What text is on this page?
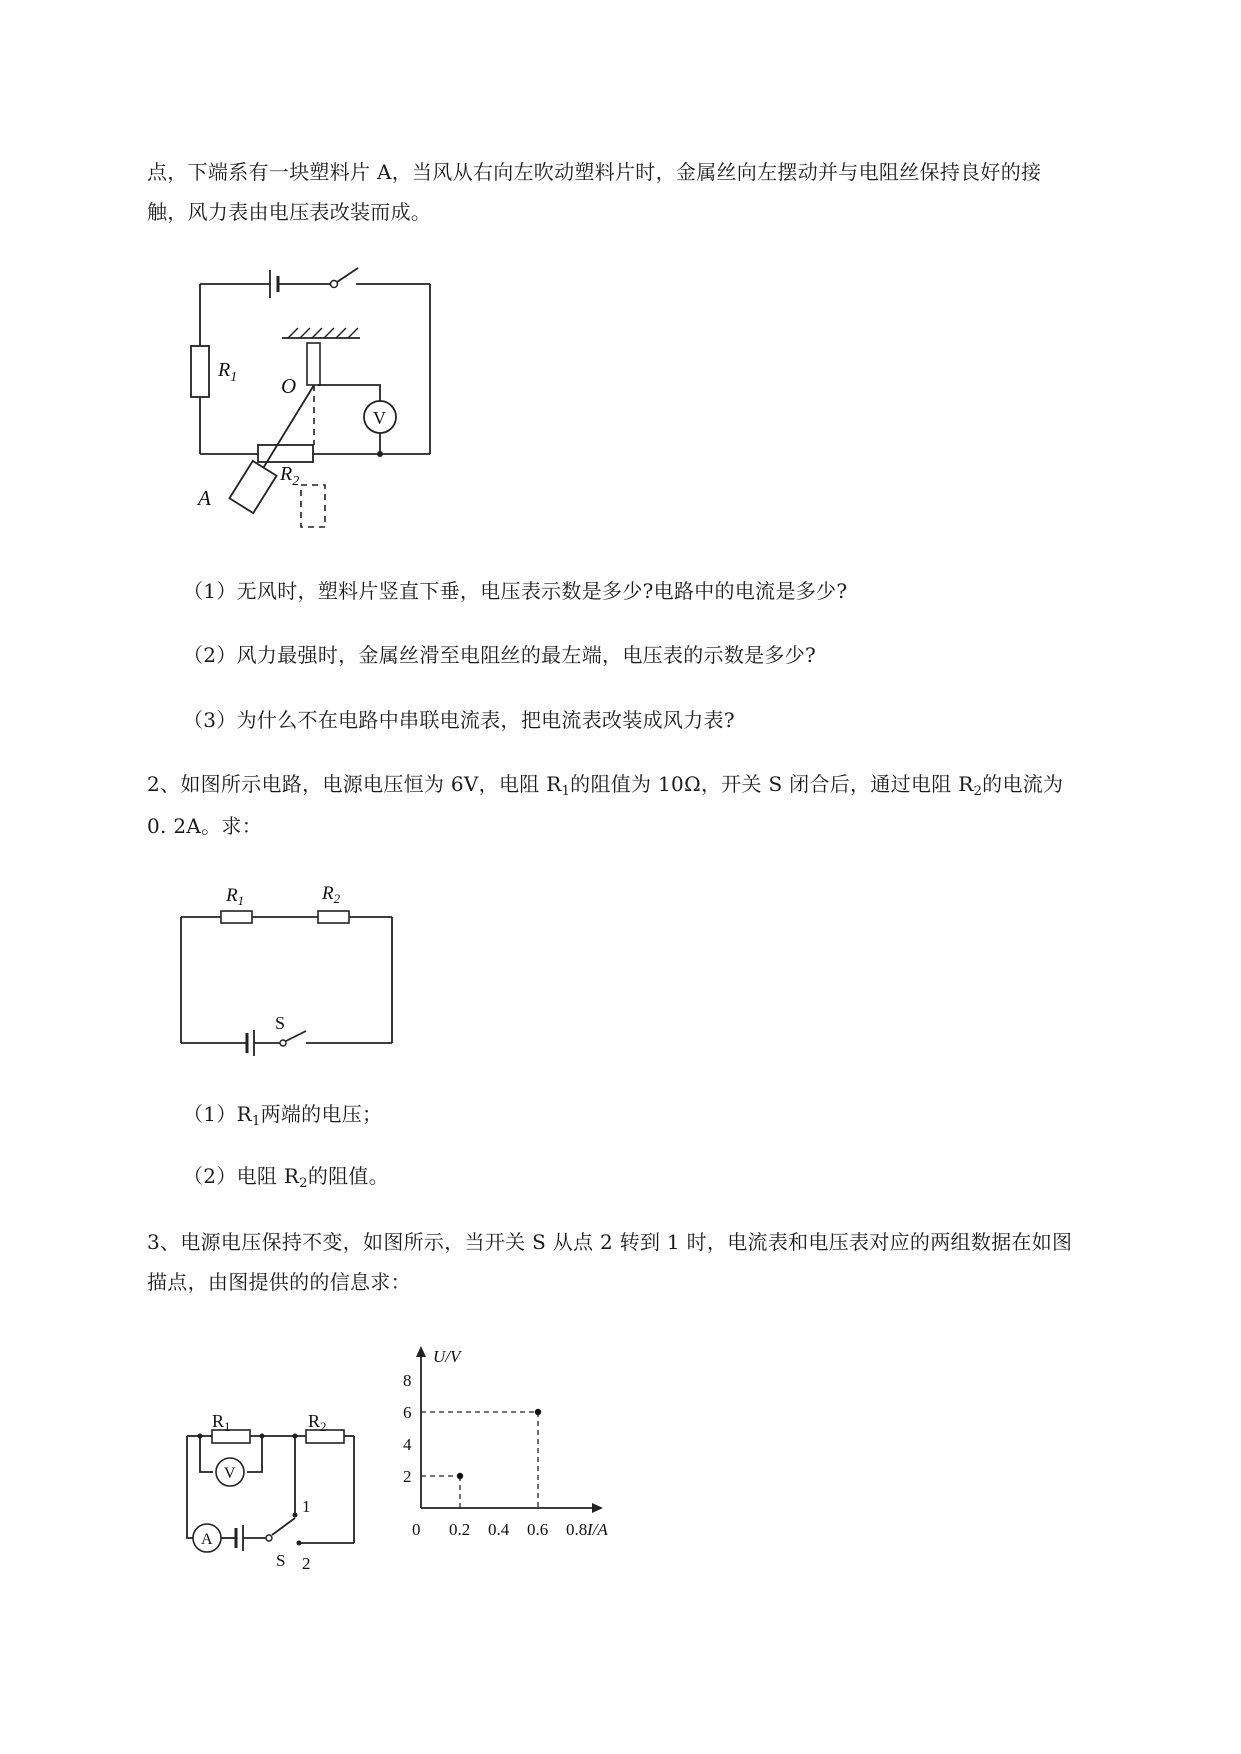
点，下端系有一块塑料片 A，当风从右向左吹动塑料片时，金属丝向左摆动并与电阻丝保持良好的接
触，风力表由电压表改装而成。
$R_1$ O
V
$R_2$
A
（1）无风时，塑料片竖直下垂，电压表示数是多少?电路中的电流是多少?
（2）风力最强时，金属丝滑至电阻丝的最左端，电压表的示数是多少?
（3）为什么不在电路中串联电流表，把电流表改装成风力表?
2、如图所示电路，电源电压恒为 6V，电阻 $R_1$的阻值为 10Ω，开关 S 闭合后，通过电阻 $R_2$的电流为
0. 2A。求：
$R_1$	$R_2$
S
$(1)R_1$两端的电压；
（2）电阻 $R_2$的阻值。
3、电源电压保持不变，如图所示，当开关 S 从点 2 转到 1 时，电流表和电压表对应的两组数据在如图
描点，由图提供的的信息求：
V
A
$R_1$	$R_2$
S
1
2
0.2 0.4 0.6 0.8
2
4
6
8
0	I/A
U/V
